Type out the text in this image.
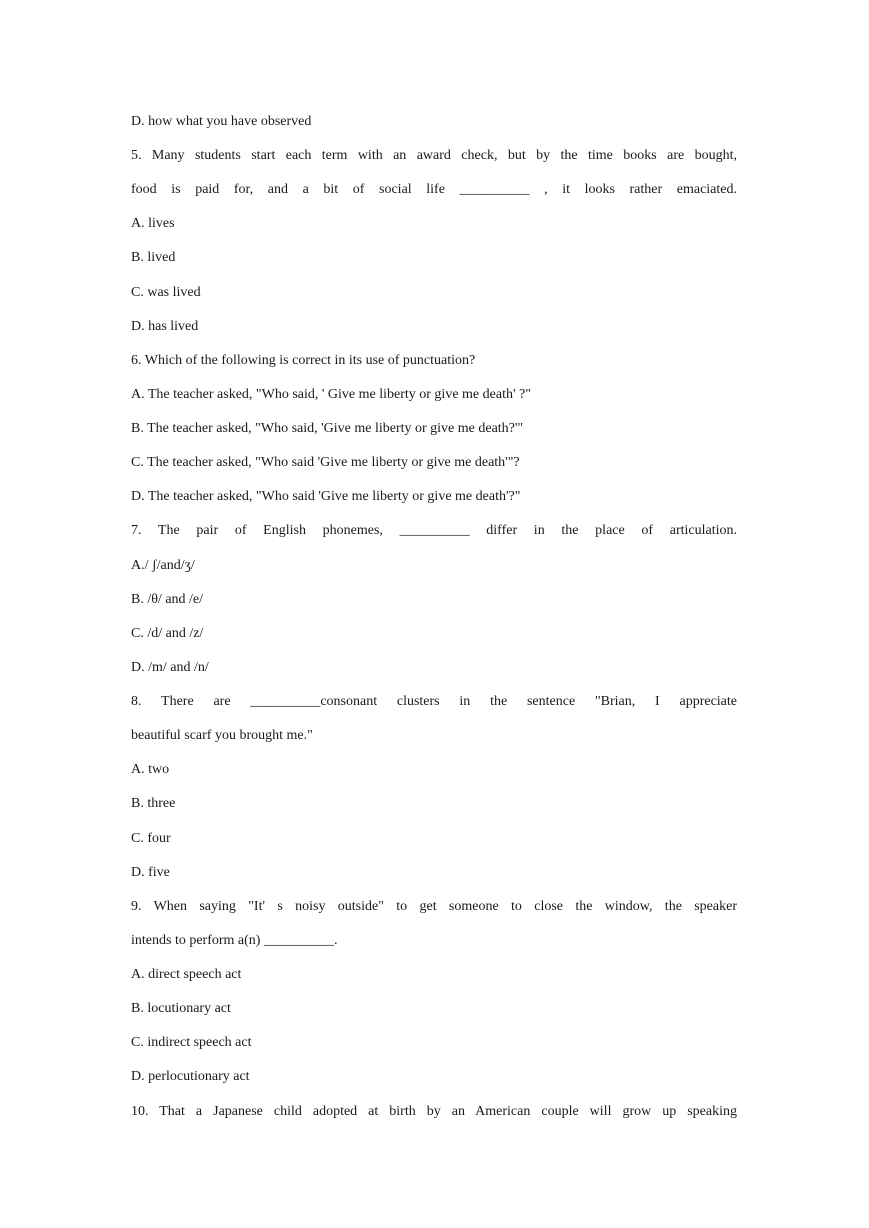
D. how what you have observed
5. Many students start each term with an award check, but by the time books are bought,
food is paid for, and a bit of social life __________ , it looks rather emaciated.
A. lives
B. lived
C. was lived
D. has lived
6. Which of the following is correct in its use of punctuation?
A. The teacher asked, "Who said, ' Give me liberty or give me death' ?"
B. The teacher asked, "Who said, 'Give me liberty or give me death?'"
C. The teacher asked, "Who said 'Give me liberty or give me death'"?
D. The teacher asked, "Who said 'Give me liberty or give me death'?"
7. The pair of English phonemes, __________ differ in the place of articulation.
A./ ʃ/and/ʒ/
B. /θ/ and /e/
C. /d/ and /z/
D. /m/ and /n/
8. There are __________consonant clusters in the sentence "Brian, I appreciate
beautiful scarf you brought me."
A. two
B. three
C. four
D. five
9. When saying "It' s noisy outside" to get someone to close the window, the speaker
intends to perform a(n) __________.
A. direct speech act
B. locutionary act
C. indirect speech act
D. perlocutionary act
10. That a Japanese child adopted at birth by an American couple will grow up speaking
